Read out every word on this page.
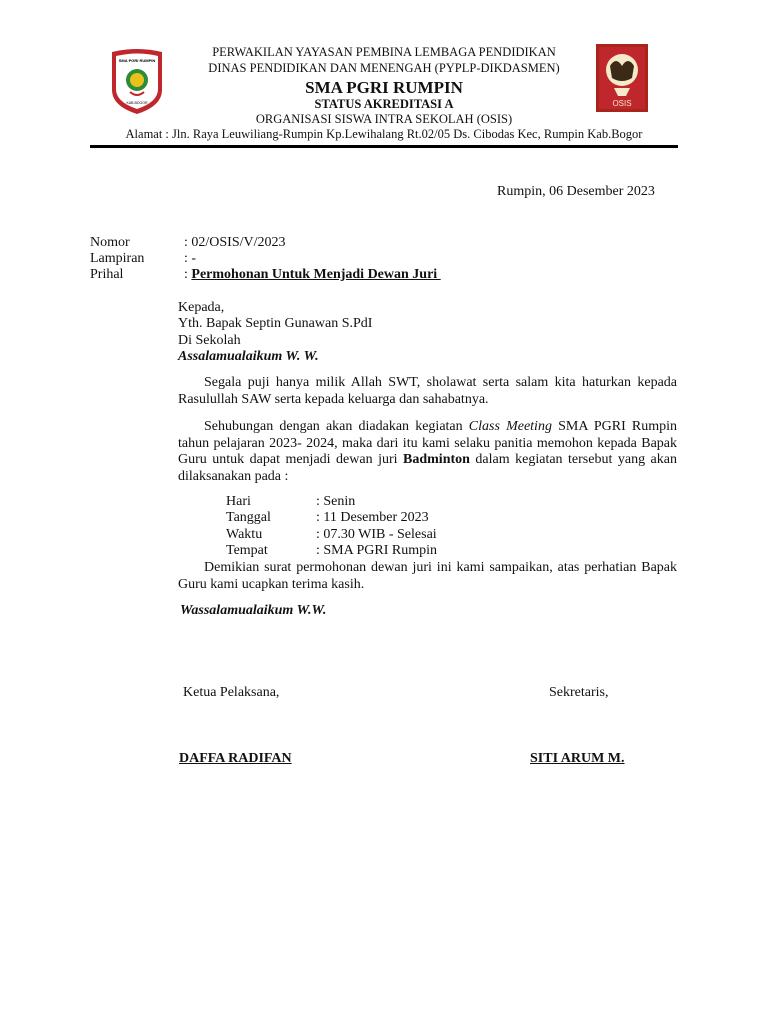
SMA PGRI RUMPIN
KAB.BOGOR	OSIS
PERWAKILAN YAYASAN PEMBINA LEMBAGA PENDIDIKAN
DINAS PENDIDIKAN DAN MENENGAH (PYPLP-DIKDASMEN)
SMA PGRI RUMPIN
STATUS AKREDITASI A
ORGANISASI SISWA INTRA SEKOLAH (OSIS)
Alamat : Jln. Raya Leuwiliang-Rumpin Kp.Lewihalang Rt.02/05 Ds. Cibodas Kec, Rumpin Kab.Bogor
Rumpin, 06 Desember 2023
Nomor	: 02/OSIS/V/2023
Lampiran	: -
Prihal	: Permohonan Untuk Menjadi Dewan Juri
Kepada,
Yth. Bapak Septin Gunawan S.PdI
Di Sekolah
Assalamualaikum W. W.
Segala puji hanya milik Allah SWT, sholawat serta salam kita haturkan kepada Rasulullah SAW serta kepada keluarga dan sahabatnya.
Sehubungan dengan akan diadakan kegiatan Class Meeting SMA PGRI Rumpin tahun pelajaran 2023- 2024, maka dari itu kami selaku panitia memohon kepada Bapak Guru untuk dapat menjadi dewan juri Badminton dalam kegiatan tersebut yang akan dilaksanakan pada :
Hari	: Senin
Tanggal	: 11 Desember 2023
Waktu	: 07.30 WIB - Selesai
Tempat	: SMA PGRI Rumpin
Demikian surat permohonan dewan juri ini kami sampaikan, atas perhatian Bapak Guru kami ucapkan terima kasih.
Wassalamualaikum W.W.
Ketua Pelaksana,	Sekretaris,
DAFFA RADIFAN	SITI ARUM M.
